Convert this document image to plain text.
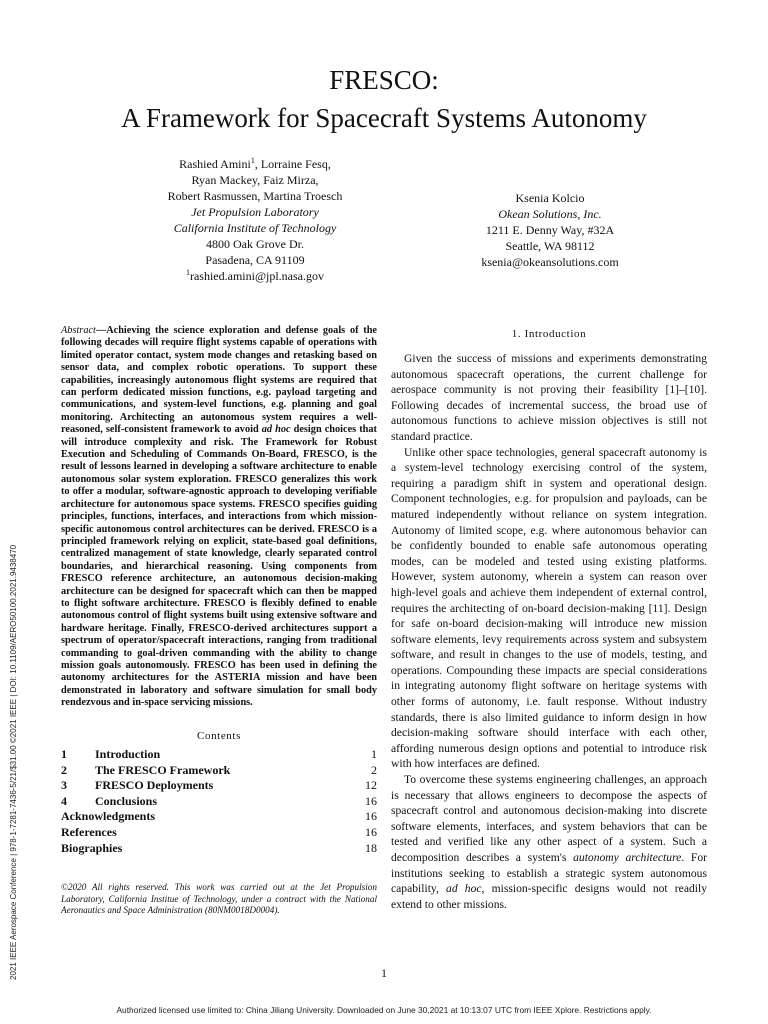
2021 IEEE Aerospace Conference | 978-1-7281-7436-5/21/$31.00 ©2021 IEEE | DOI: 10.1109/AERO50100.2021.9438470
FRESCO:
A Framework for Spacecraft Systems Autonomy
Rashied Amini$^1$, Lorraine Fesq,
Ryan Mackey, Faiz Mirza,
Robert Rasmussen, Martina Troesch
Jet Propulsion Laboratory
California Institute of Technology
4800 Oak Grove Dr.
Pasadena, CA 91109
$^1$rashied.amini@jpl.nasa.gov
Ksenia Kolcio
Okean Solutions, Inc.
1211 E. Denny Way, #32A
Seattle, WA 98112
ksenia@okeansolutions.com
Abstract—Achieving the science exploration and defense goals of the following decades will require flight systems capable of operations with limited operator contact, system mode changes and retasking based on sensor data, and complex robotic operations. To support these capabilities, increasingly autonomous flight systems are required that can perform dedicated mission functions, e.g. payload targeting and communications, and system-level functions, e.g. planning and goal monitoring. Architecting an autonomous system requires a well-reasoned, self-consistent framework to avoid ad hoc design choices that will introduce complexity and risk. The Framework for Robust Execution and Scheduling of Commands On-Board, FRESCO, is the result of lessons learned in developing a software architecture to enable autonomous solar system exploration. FRESCO generalizes this work to offer a modular, software-agnostic approach to developing verifiable architecture for autonomous space systems. FRESCO specifies guiding principles, functions, interfaces, and interactions from which mission-specific autonomous control architectures can be derived. FRESCO is a principled framework relying on explicit, state-based goal definitions, centralized management of state knowledge, clearly separated control boundaries, and hierarchical reasoning. Using components from FRESCO reference architecture, an autonomous decision-making architecture can be designed for spacecraft which can then be mapped to flight software architecture. FRESCO is flexibly defined to enable autonomous control of flight systems built using extensive software and hardware heritage. Finally, FRESCO-derived architectures support a spectrum of operator/spacecraft interactions, ranging from traditional commanding to goal-driven commanding with the ability to change mission goals autonomously. FRESCO has been used in defining the autonomy architectures for the ASTERIA mission and have been demonstrated in laboratory and software simulation for small body rendezvous and in-space servicing missions.
Contents
1	Introduction	1
2	The FRESCO Framework	2
3	FRESCO Deployments	12
4	Conclusions	16
Acknowledgments	16
References	16
Biographies	18
©2020 All rights reserved. This work was carried out at the Jet Propulsion Laboratory, California Institue of Technology, under a contract with the National Aeronautics and Space Administration (80NM0018D0004).
1. Introduction

Given the success of missions and experiments demonstrating autonomous spacecraft operations, the current challenge for aerospace community is not proving their feasibility [1]–[10]. Following decades of incremental success, the broad use of autonomous functions to achieve mission objectives is still not standard practice.

Unlike other space technologies, general spacecraft autonomy is a system-level technology exercising control of the system, requiring a paradigm shift in system and operational design. Component technologies, e.g. for propulsion and payloads, can be matured independently without reliance on system integration. Autonomy of limited scope, e.g. where autonomous behavior can be confidently bounded to enable safe autonomous operating modes, can be modeled and tested using existing platforms. However, system autonomy, wherein a system can reason over high-level goals and achieve them independent of external control, requires the architecting of on-board decision-making [11]. Design for safe on-board decision-making will introduce new mission software elements, levy requirements across system and subsystem software, and result in changes to the use of models, testing, and operations. Compounding these impacts are special considerations in integrating autonomy flight software on heritage systems with other forms of autonomy, i.e. fault response. Without industry standards, there is also limited guidance to inform design in how decision-making software should interface with each other, affording numerous design options and potential to introduce risk with how interfaces are defined.

To overcome these systems engineering challenges, an approach is necessary that allows engineers to decompose the aspects of spacecraft control and autonomous decision-making into discrete software elements, interfaces, and system behaviors that can be tested and verified like any other aspect of a system. Such a decomposition describes a system's autonomy architecture. For institutions seeking to establish a strategic system autonomous capability, ad hoc, mission-specific designs would not readily extend to other missions.

1
Authorized licensed use limited to: China Jiliang University. Downloaded on June 30,2021 at 10:13:07 UTC from IEEE Xplore. Restrictions apply.
